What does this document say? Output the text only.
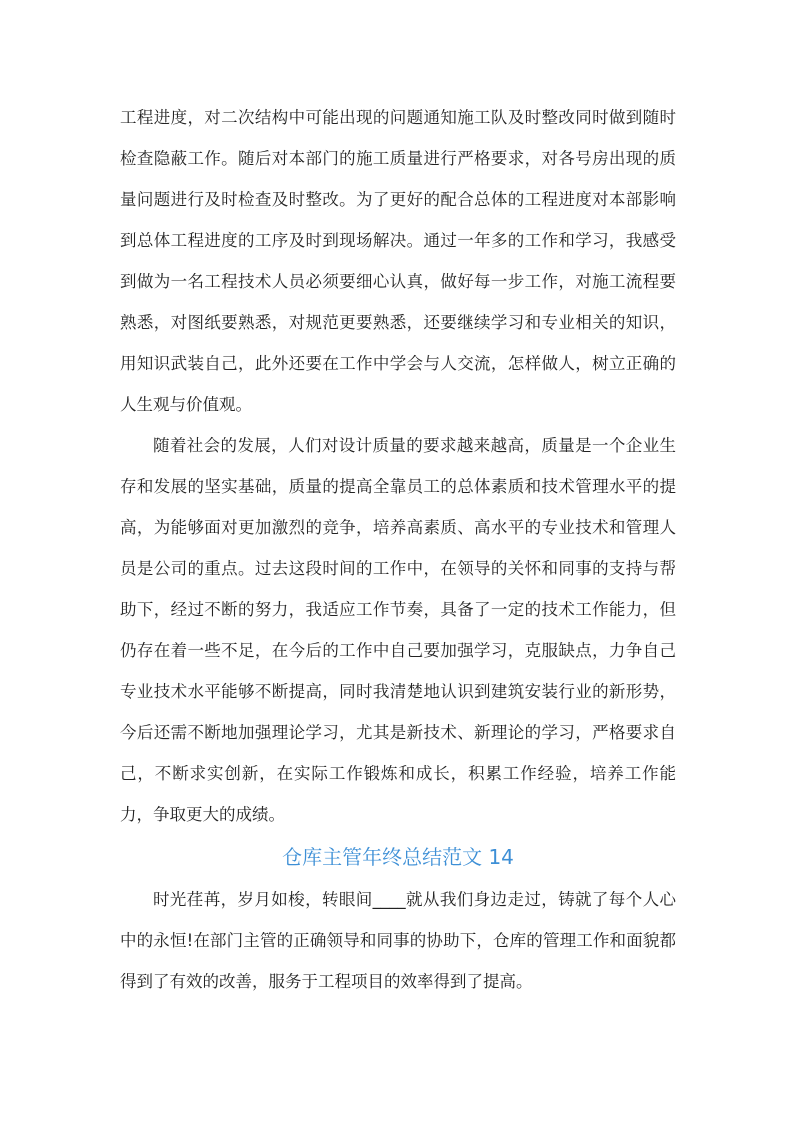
工程进度，对二次结构中可能出现的问题通知施工队及时整改同时做到随时检查隐蔽工作。随后对本部门的施工质量进行严格要求，对各号房出现的质量问题进行及时检查及时整改。为了更好的配合总体的工程进度对本部影响到总体工程进度的工序及时到现场解决。通过一年多的工作和学习，我感受到做为一名工程技术人员必须要细心认真，做好每一步工作，对施工流程要熟悉，对图纸要熟悉，对规范更要熟悉，还要继续学习和专业相关的知识，用知识武装自己，此外还要在工作中学会与人交流，怎样做人，树立正确的人生观与价值观。

随着社会的发展，人们对设计质量的要求越来越高，质量是一个企业生存和发展的坚实基础，质量的提高全靠员工的总体素质和技术管理水平的提高，为能够面对更加激烈的竞争，培养高素质、高水平的专业技术和管理人员是公司的重点。过去这段时间的工作中，在领导的关怀和同事的支持与帮助下，经过不断的努力，我适应工作节奏，具备了一定的技术工作能力，但仍存在着一些不足，在今后的工作中自己要加强学习，克服缺点，力争自己专业技术水平能够不断提高，同时我清楚地认识到建筑安装行业的新形势，今后还需不断地加强理论学习，尤其是新技术、新理论的学习，严格要求自己，不断求实创新，在实际工作锻炼和成长，积累工作经验，培养工作能力，争取更大的成绩。

仓库主管年终总结范文 14

时光荏苒，岁月如梭，转眼间____就从我们身边走过，铸就了每个人心中的永恒!在部门主管的正确领导和同事的协助下，仓库的管理工作和面貌都得到了有效的改善，服务于工程项目的效率得到了提高。
